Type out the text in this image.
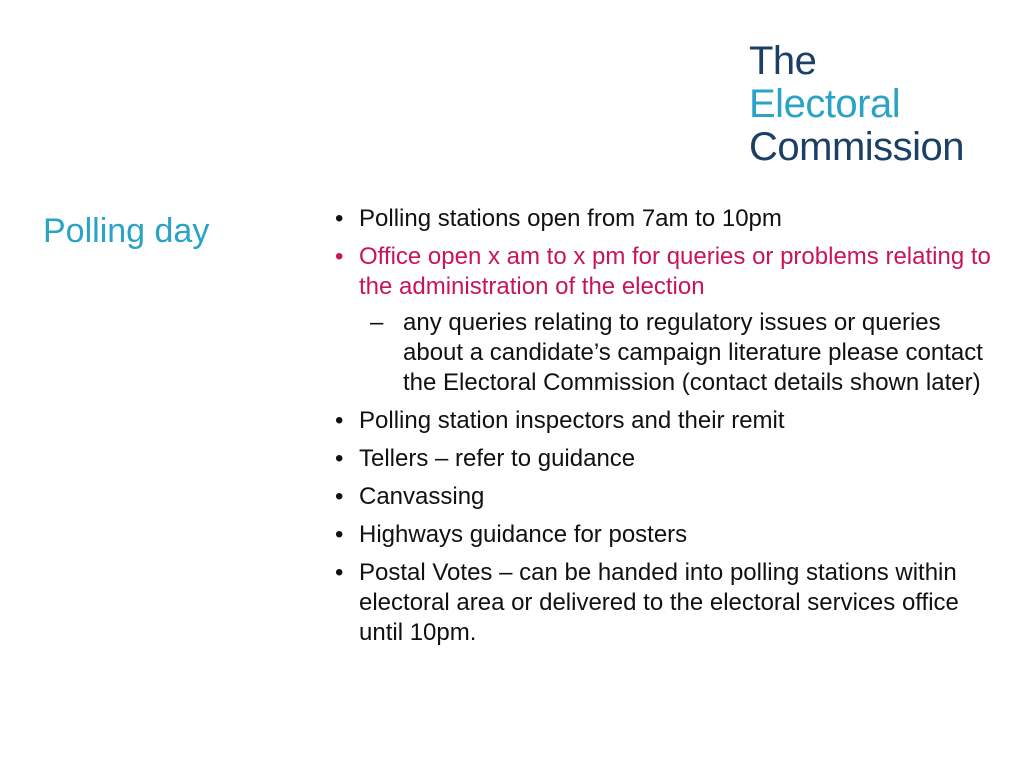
The
Electoral
Commission
Polling day	• Polling stations open from 7am to 10pm
• Office open x am to x pm for queries or problems relating to the administration of the election
– any queries relating to regulatory issues or queries about a candidate’s campaign literature please contact the Electoral Commission (contact details shown later)
• Polling station inspectors and their remit
• Tellers – refer to guidance
• Canvassing
• Highways guidance for posters
• Postal Votes – can be handed into polling stations within electoral area or delivered to the electoral services office until 10pm.
